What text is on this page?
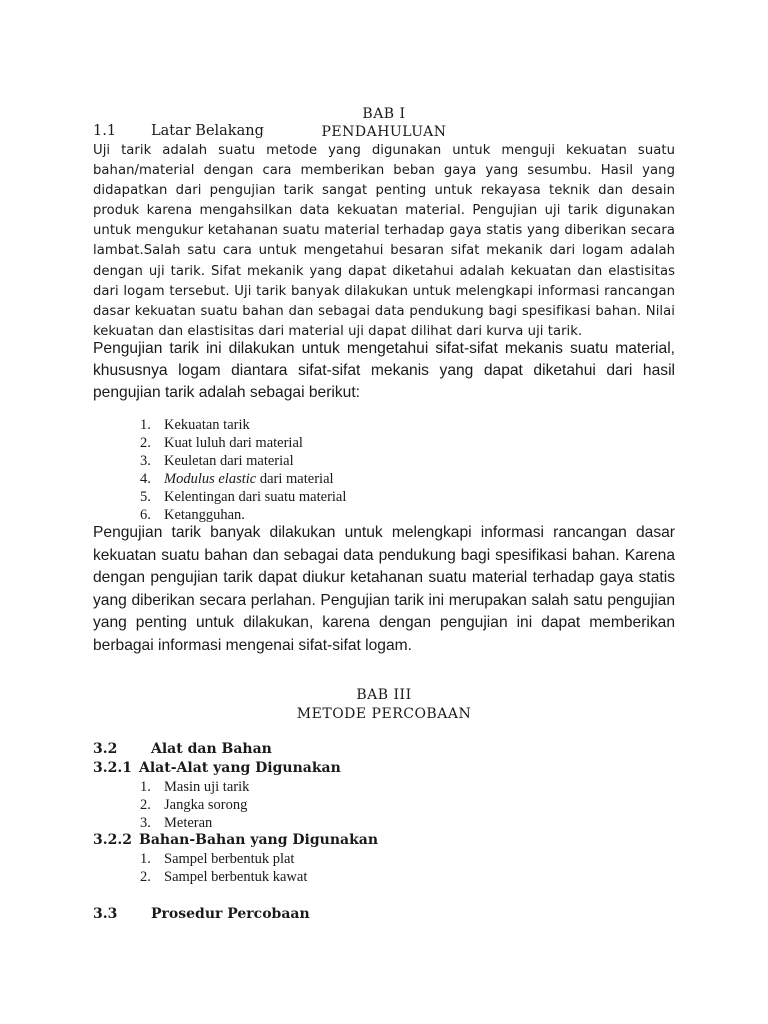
BAB I
PENDAHULUAN
1.1 Latar Belakang
Uji tarik adalah suatu metode yang digunakan untuk menguji kekuatan suatu bahan/material dengan cara memberikan beban gaya yang sesumbu. Hasil yang didapatkan dari pengujian tarik sangat penting untuk rekayasa teknik dan desain produk karena mengahsilkan data kekuatan material. Pengujian uji tarik digunakan untuk mengukur ketahanan suatu material terhadap gaya statis yang diberikan secara lambat.Salah satu cara untuk mengetahui besaran sifat mekanik dari logam adalah dengan uji tarik. Sifat mekanik yang dapat diketahui adalah kekuatan dan elastisitas dari logam tersebut. Uji tarik banyak dilakukan untuk melengkapi informasi rancangan dasar kekuatan suatu bahan dan sebagai data pendukung bagi spesifikasi bahan. Nilai kekuatan dan elastisitas dari material uji dapat dilihat dari kurva uji tarik.
Pengujian tarik ini dilakukan untuk mengetahui sifat-sifat mekanis suatu material, khususnya logam diantara sifat-sifat mekanis yang dapat diketahui dari hasil pengujian tarik adalah sebagai berikut:
1. Kekuatan tarik
2. Kuat luluh dari material
3. Keuletan dari material
4. Modulus elastic dari material
5. Kelentingan dari suatu material
6. Ketangguhan.
Pengujian tarik banyak dilakukan untuk melengkapi informasi rancangan dasar kekuatan suatu bahan dan sebagai data pendukung bagi spesifikasi bahan. Karena dengan pengujian tarik dapat diukur ketahanan suatu material terhadap gaya statis yang diberikan secara perlahan. Pengujian tarik ini merupakan salah satu pengujian yang penting untuk dilakukan, karena dengan pengujian ini dapat memberikan berbagai informasi mengenai sifat-sifat logam.
BAB III
METODE PERCOBAAN
3.2 Alat dan Bahan
3.2.1 Alat-Alat yang Digunakan
1. Masin uji tarik
2. Jangka sorong
3. Meteran
3.2.2 Bahan-Bahan yang Digunakan
1. Sampel berbentuk plat
2. Sampel berbentuk kawat
3.3 Prosedur Percobaan
